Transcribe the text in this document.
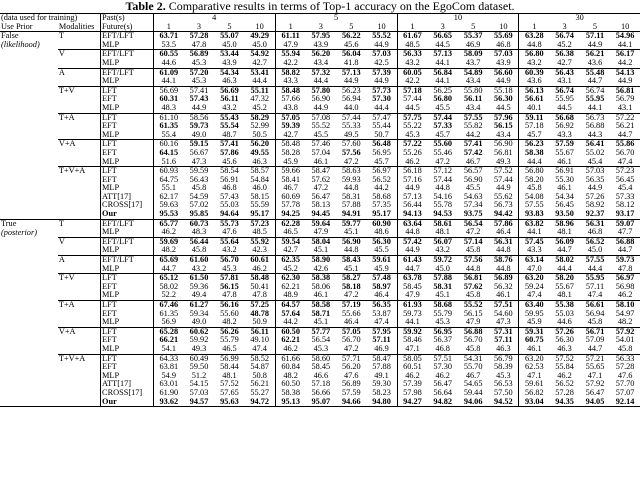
Table 2. Comparative results in terms of Top-1 accuracy on the EgoCom dataset.
(data used for training)		Past(s)	4				5				10				30			
Use Prior	Modalities	Future(s)	1	3	5	10	1	3	5	10	1	3	5	10	1	3	5	10
False	T	EFT/LFT	63.71	57.28	55.07	49.29	61.11	57.95	56.22	55.52	61.67	56.65	55.37	55.69	63.28	56.74	57.11	54.96
(likelihood)		MLP	53.5	47.8	45.0	45.0	47.9	43.9	45.6	44.9	48.5	44.5	46.9	46.8	44.8	45.2	44.9	44.1
	V	EFT/LFT	60.55	56.89	53.44	54.92	55.94	56.20	56.04	57.03	56.33	57.13	58.09	57.03	56.80	56.38	56.21	56.17
		MLP	44.6	45.3	43.9	42.7	42.2	43.4	41.8	42.5	43.2	44.1	43.7	43.9	43.2	42.7	43.6	44.2
	A	EFT/LFT	61.09	57.20	54.34	53.41	58.82	57.32	57.13	57.39	60.05	56.84	54.89	56.60	60.39	56.43	55.48	54.13
		MLP	44.1	45.3	46.3	44.4	43.3	44.4	44.9	44.9	42.2	44.1	43.4	44.9	43.6	43.1	44.7	44.9
	T+V	LFT	56.69	57.41	56.69	55.11	58.48	57.80	56.23	57.73	57.18	56.25	55.80	55.18	56.13	56.74	56.74	56.81
		EFT	60.31	57.43	56.11	47.32	57.66	56.90	56.94	57.30	57.44	56.80	56.11	56.30	56.61	55.95	55.95	56.79
		MLP	48.3	44.9	43.2	45.2	43.8	44.9	44.0	44.4	44.5	45.5	43.4	44.5	40.1	44.5	44.1	43.1
	T+A	LFT	61.10	58.56	55.43	58.29	57.05	57.08	57.44	57.47	57.75	57.44	57.55	57.96	59.11	56.68	56.73	57.22
		EFT	61.35	59.73	55.54	52.99	59.39	55.52	55.33	55.44	55.22	57.33	55.82	56.15	57.18	56.92	56.88	56.21
		MLP	55.4	49.0	48.7	50.5	42.7	45.5	49.5	50.7	45.3	45.7	44.2	43.4	45.7	43.3	44.3	44.7
	V+A	LFT	60.16	59.15	57.41	56.20	58.48	57.46	57.60	56.48	57.22	55.60	57.41	56.90	56.23	57.59	56.41	55.86
		EFT	64.15	56.67	57.86	49.55	58.28	57.04	57.56	56.95	55.26	55.46	57.42	56.81	58.38	55.67	55.02	56.70
		MLP	51.6	47.3	45.6	46.3	45.9	46.1	47.2	45.7	46.2	47.2	46.7	49.3	44.4	46.1	45.4	47.4
	T+V+A	LFT	60.93	59.59	58.54	58.57	59.66	58.47	58.63	56.97	56.18	57.12	56.57	57.52	56.80	56.91	57.03	57.23
		EFT	64.75	56.43	56.91	54.84	58.41	57.62	59.93	56.52	57.16	57.44	56.90	57.44	58.20	55.30	56.35	56.45
		MLP	55.1	45.8	46.8	46.0	46.7	47.2	44.8	44.2	44.9	44.8	45.5	44.9	45.8	46.1	44.9	45.4
		ATT[17]	62.17	54.59	57.43	58.15	60.69	56.47	58.31	58.68	57.13	54.16	54.63	55.62	54.08	54.34	57.26	57.33
		CROSS[17]	59.63	57.02	55.03	55.59	57.78	58.13	57.88	57.35	56.44	55.78	57.34	56.73	57.55	56.45	58.92	58.12
		Our	95.53	95.85	94.64	95.17	94.25	94.45	94.91	95.17	94.13	94.53	93.75	94.42	93.83	93.50	92.37	93.17
True	T	EFT/LFT	65.77	60.73	55.73	57.23	62.28	59.64	59.77	60.90	63.64	58.61	56.54	57.86	63.82	58.96	56.31	59.07
(posterior)		MLP	46.2	48.3	47.6	48.5	46.5	47.9	45.1	48.6	44.8	48.1	47.2	46.4	44.1	48.1	46.8	47.7
	V	EFT/LFT	59.69	56.44	55.64	55.92	59.54	58.04	56.90	56.30	57.42	56.07	57.14	56.31	57.45	56.09	56.52	56.88
		MLP	48.2	45.8	43.2	42.3	42.7	45.1	44.8	45.5	44.9	43.2	45.8	44.8	43.3	44.7	45.0	44.7
	A	EFT/LFT	65.69	61.60	56.70	60.61	62.35	58.90	58.43	59.61	61.43	59.72	57.56	58.76	63.14	58.02	57.55	59.73
		MLP	44.7	43.2	45.3	46.2	45.2	42.6	45.1	45.9	44.7	45.0	44.8	44.8	47.0	44.4	44.4	47.8
	T+V	LFT	65.12	61.50	57.81	58.48	62.30	58.38	58.27	57.48	63.78	57.88	56.81	56.89	63.20	58.20	55.95	56.97
		EFT	58.02	59.36	56.15	50.41	62.21	58.06	58.18	58.97	58.45	58.31	57.62	56.32	59.24	55.67	57.11	56.98
		MLP	52.2	49.4	47.8	47.8	48.9	46.1	47.2	46.4	47.9	45.1	45.8	46.1	47.4	48.1	47.4	46.2
	T+A	LFT	67.46	61.27	56.16	57.25	64.57	58.58	57.19	56.35	61.93	58.68	55.52	57.51	63.40	55.38	56.61	58.10
		EFT	61.35	59.34	55.60	48.78	57.64	58.71	55.66	53.87	59.73	55.79	56.15	54.60	59.95	55.03	56.94	54.97
		MLP	56.9	49.0	48.2	50.9	44.2	45.1	46.4	47.4	44.1	45.3	47.9	47.3	45.9	44.6	45.8	48.2
	V+A	LFT	65.28	60.62	56.26	56.11	60.50	57.77	57.05	57.95	59.92	56.95	56.88	57.31	59.31	57.26	56.71	57.92
		EFT	66.21	59.92	55.79	49.10	62.21	56.54	56.70	57.11	58.46	56.37	56.70	57.11	60.75	56.30	57.09	54.01
		MLP	54.1	49.3	46.5	47.4	46.2	45.3	47.2	46.9	47.1	46.8	45.8	46.3	46.1	46.3	44.7	45.8
	T+V+A	LFT	64.33	60.49	56.99	58.52	61.66	58.60	57.71	58.47	58.05	57.51	54.31	56.79	63.20	57.52	57.21	56.33
		EFT	63.81	59.50	58.44	54.87	60.84	58.45	56.20	57.88	60.51	57.30	55.70	58.39	62.53	55.84	55.65	57.28
		MLP	54.9	51.2	48.1	50.8	48.2	46.6	47.6	49.1	46.2	46.2	46.7	45.3	47.1	46.2	47.1	47.6
		ATT[17]	63.01	54.15	57.52	56.21	60.50	57.18	56.89	59.30	57.39	56.47	54.65	56.53	59.61	56.52	57.92	57.70
		CROSS[17]	61.90	57.03	57.65	55.27	58.38	56.66	57.59	58.23	57.98	56.64	59.44	57.50	56.82	57.28	56.47	57.07
		Our	93.62	94.57	95.63	94.72	95.13	95.07	94.66	94.80	94.27	94.82	94.06	94.52	93.04	94.35	94.05	92.14
